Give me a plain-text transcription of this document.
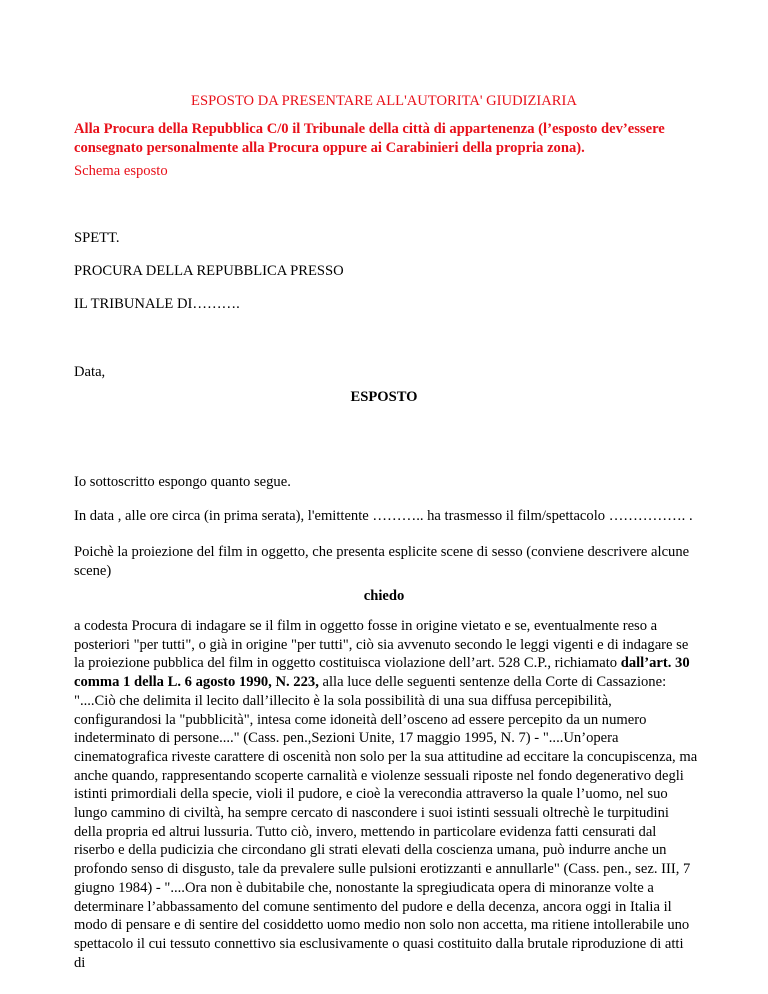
ESPOSTO DA PRESENTARE ALL'AUTORITA' GIUDIZIARIA

Alla Procura della Repubblica C/0 il Tribunale della città di appartenenza (l’esposto dev’essere consegnato personalmente alla Procura oppure ai Carabinieri della propria zona).

Schema esposto

SPETT.

PROCURA DELLA REPUBBLICA PRESSO

IL TRIBUNALE DI……….

Data,

ESPOSTO

Io sottoscritto espongo quanto segue.

In data , alle ore circa (in prima serata), l'emittente ……….. ha trasmesso il film/spettacolo ……………. .

Poichè la proiezione del film in oggetto, che presenta esplicite scene di sesso (conviene descrivere alcune scene)

chiedo

a codesta Procura di indagare se il film in oggetto fosse in origine vietato e se, eventualmente reso a posteriori "per tutti", o già in origine "per tutti", ciò sia avvenuto secondo le leggi vigenti e di indagare se la proiezione pubblica del film in oggetto costituisca violazione dell’art. 528 C.P., richiamato dall’art. 30 comma 1 della L. 6 agosto 1990, N. 223, alla luce delle seguenti sentenze della Corte di Cassazione: "....Ciò che delimita il lecito dall’illecito è la sola possibilità di una sua diffusa percepibilità, configurandosi la "pubblicità", intesa come idoneità dell’osceno ad essere percepito da un numero indeterminato di persone...." (Cass. pen.,Sezioni Unite, 17 maggio 1995, N. 7) - "....Un’opera cinematografica riveste carattere di oscenità non solo per la sua attitudine ad eccitare la concupiscenza, ma anche quando, rappresentando scoperte carnalità e violenze sessuali riposte nel fondo degenerativo degli istinti primordiali della specie, violi il pudore, e cioè la verecondia attraverso la quale l’uomo, nel suo lungo cammino di civiltà, ha sempre cercato di nascondere i suoi istinti sessuali oltrechè le turpitudini della propria ed altrui lussuria. Tutto ciò, invero, mettendo in particolare evidenza fatti censurati dal riserbo e della pudicizia che circondano gli strati elevati della coscienza umana, può indurre anche un profondo senso di disgusto, tale da prevalere sulle pulsioni erotizzanti e annullarle" (Cass. pen., sez. III, 7 giugno 1984) - "....Ora non è dubitabile che, nonostante la spregiudicata opera di minoranze volte a determinare l’abbassamento del comune sentimento del pudore e della decenza, ancora oggi in Italia il modo di pensare e di sentire del cosiddetto uomo medio non solo non accetta, ma ritiene intollerabile uno spettacolo il cui tessuto connettivo sia esclusivamente o quasi costituito dalla brutale riproduzione di atti di
